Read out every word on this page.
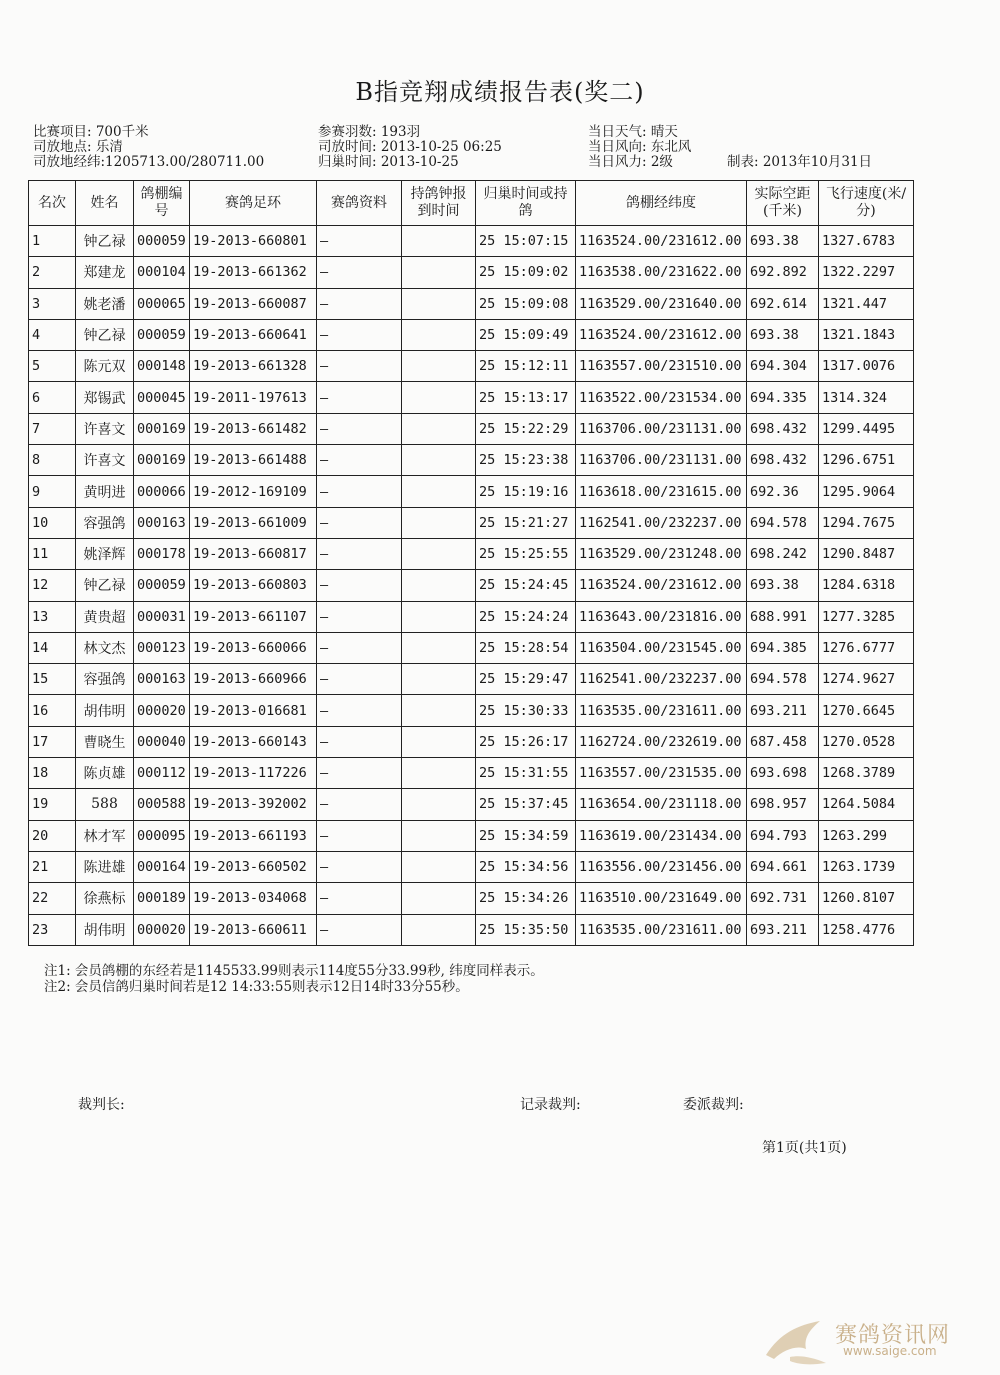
B指竞翔成绩报告表(奖二)
比赛项目: 700千米
司放地点: 乐清
司放地经纬:1205713.00/280711.00
参赛羽数: 193羽
司放时间: 2013-10-25 06:25
归巢时间: 2013-10-25
当日天气: 晴天
当日风向: 东北风
当日风力: 2级	制表: 2013年10月31日
名次	姓名	鸽棚编号	赛鸽足环	赛鸽资料	持鸽钟报到时间	归巢时间或持鸽	鸽棚经纬度	实际空距(千米)	飞行速度(米/分)
1	钟乙禄	000059	19-2013-660801	—		25 15:07:15	1163524.00/231612.00	693.38	1327.6783
2	郑建龙	000104	19-2013-661362	—		25 15:09:02	1163538.00/231622.00	692.892	1322.2297
3	姚老潘	000065	19-2013-660087	—		25 15:09:08	1163529.00/231640.00	692.614	1321.447
4	钟乙禄	000059	19-2013-660641	—		25 15:09:49	1163524.00/231612.00	693.38	1321.1843
5	陈元双	000148	19-2013-661328	—		25 15:12:11	1163557.00/231510.00	694.304	1317.0076
6	郑锡武	000045	19-2011-197613	—		25 15:13:17	1163522.00/231534.00	694.335	1314.324
7	许喜文	000169	19-2013-661482	—		25 15:22:29	1163706.00/231131.00	698.432	1299.4495
8	许喜文	000169	19-2013-661488	—		25 15:23:38	1163706.00/231131.00	698.432	1296.6751
9	黄明进	000066	19-2012-169109	—		25 15:19:16	1163618.00/231615.00	692.36	1295.9064
10	容强鸽	000163	19-2013-661009	—		25 15:21:27	1162541.00/232237.00	694.578	1294.7675
11	姚泽辉	000178	19-2013-660817	—		25 15:25:55	1163529.00/231248.00	698.242	1290.8487
12	钟乙禄	000059	19-2013-660803	—		25 15:24:45	1163524.00/231612.00	693.38	1284.6318
13	黄贵超	000031	19-2013-661107	—		25 15:24:24	1163643.00/231816.00	688.991	1277.3285
14	林文杰	000123	19-2013-660066	—		25 15:28:54	1163504.00/231545.00	694.385	1276.6777
15	容强鸽	000163	19-2013-660966	—		25 15:29:47	1162541.00/232237.00	694.578	1274.9627
16	胡伟明	000020	19-2013-016681	—		25 15:30:33	1163535.00/231611.00	693.211	1270.6645
17	曹晓生	000040	19-2013-660143	—		25 15:26:17	1162724.00/232619.00	687.458	1270.0528
18	陈贞雄	000112	19-2013-117226	—		25 15:31:55	1163557.00/231535.00	693.698	1268.3789
19	588	000588	19-2013-392002	—		25 15:37:45	1163654.00/231118.00	698.957	1264.5084
20	林才军	000095	19-2013-661193	—		25 15:34:59	1163619.00/231434.00	694.793	1263.299
21	陈进雄	000164	19-2013-660502	—		25 15:34:56	1163556.00/231456.00	694.661	1263.1739
22	徐燕标	000189	19-2013-034068	—		25 15:34:26	1163510.00/231649.00	692.731	1260.8107
23	胡伟明	000020	19-2013-660611	—		25 15:35:50	1163535.00/231611.00	693.211	1258.4776
注1: 会员鸽棚的东经若是1145533.99则表示114度55分33.99秒, 纬度同样表示。
注2: 会员信鸽归巢时间若是12 14:33:55则表示12日14时33分55秒。
裁判长:	记录裁判:	委派裁判:
第1页(共1页)
赛鸽资讯网
www.saige.com
